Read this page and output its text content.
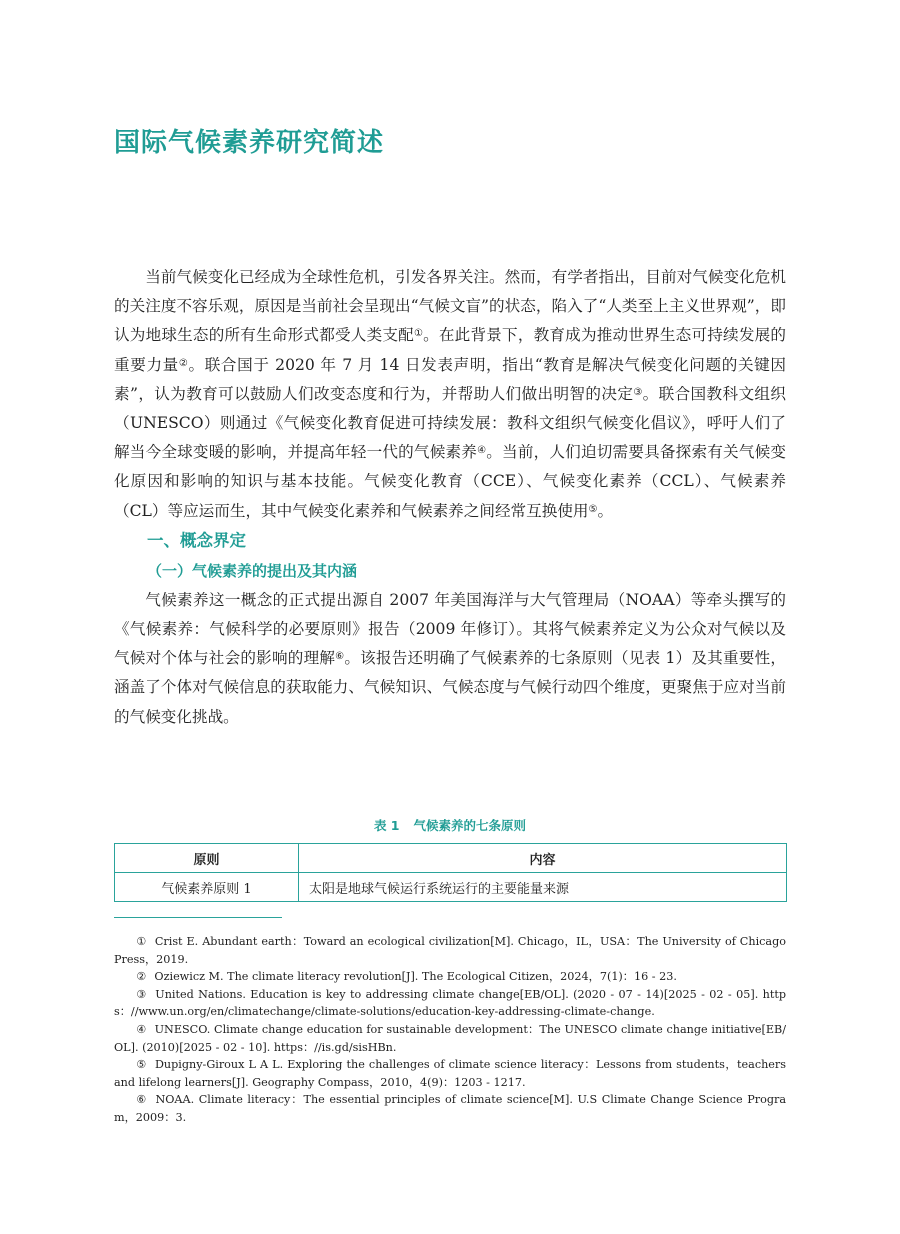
国际气候素养研究简述

当前气候变化已经成为全球性危机，引发各界关注。然而，有学者指出，目前对气候变化危机的关注度不容乐观，原因是当前社会呈现出“气候文盲”的状态，陷入了“人类至上主义世界观”，即认为地球生态的所有生命形式都受人类支配①。在此背景下，教育成为推动世界生态可持续发展的重要力量②。联合国于 2020 年 7 月 14 日发表声明，指出“教育是解决气候变化问题的关键因素”，认为教育可以鼓励人们改变态度和行为，并帮助人们做出明智的决定③。联合国教科文组织（UNESCO）则通过《气候变化教育促进可持续发展：教科文组织气候变化倡议》，呼吁人们了解当今全球变暖的影响，并提高年轻一代的气候素养④。当前，人们迫切需要具备探索有关气候变化原因和影响的知识与基本技能。气候变化教育（CCE）、气候变化素养（CCL）、气候素养（CL）等应运而生，其中气候变化素养和气候素养之间经常互换使用⑤。

一、概念界定
（一）气候素养的提出及其内涵

气候素养这一概念的正式提出源自 2007 年美国海洋与大气管理局（NOAA）等牵头撰写的《气候素养：气候科学的必要原则》报告（2009 年修订）。其将气候素养定义为公众对气候以及气候对个体与社会的影响的理解⑥。该报告还明确了气候素养的七条原则（见表 1）及其重要性，涵盖了个体对气候信息的获取能力、气候知识、气候态度与气候行动四个维度，更聚焦于应对当前的气候变化挑战。

表 1 气候素养的七条原则
原则	内容
气候素养原则 1	太阳是地球气候运行系统运行的主要能量来源

① Crist E. Abundant earth：Toward an ecological civilization[M]. Chicago，IL，USA：The University of Chicago Press，2019.

② Oziewicz M. The climate literacy revolution[J]. The Ecological Citizen，2024，7(1)：16 - 23.

③ United Nations. Education is key to addressing climate change[EB/OL]. (2020 - 07 - 14)[2025 - 02 - 05]. https：//www.un.org/en/climatechange/climate-solutions/education-key-addressing-climate-change.

④ UNESCO. Climate change education for sustainable development：The UNESCO climate change initiative[EB/OL]. (2010)[2025 - 02 - 10]. https：//is.gd/sisHBn.

⑤ Dupigny-Giroux L A L. Exploring the challenges of climate science literacy：Lessons from students，teachers and lifelong learners[J]. Geography Compass，2010，4(9)：1203 - 1217.

⑥ NOAA. Climate literacy：The essential principles of climate science[M]. U.S Climate Change Science Program，2009：3.
